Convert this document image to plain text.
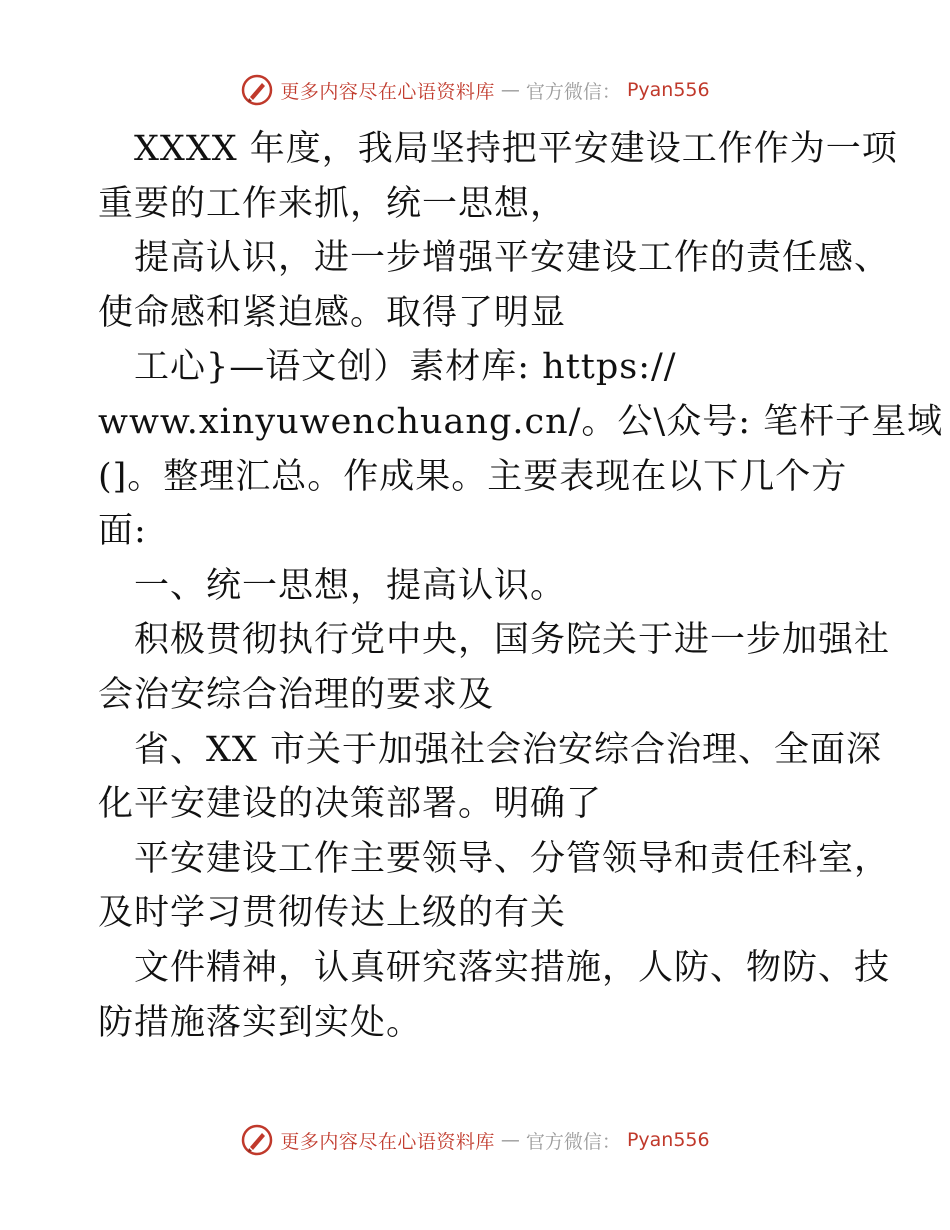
更多内容尽在心语资料库 — 官方微信： Pyan556
XXXX 年度，我局坚持把平安建设工作作为一项
重要的工作来抓，统一思想，
提高认识，进一步增强平安建设工作的责任感、
使命感和紧迫感。取得了明显
工心}—语文创）素材库: https://
www.xinyuwenchuang.cn/。公\众号: 笔杆子星域
(]。整理汇总。作成果。主要表现在以下几个方
面:
一、统一思想，提高认识。
积极贯彻执行党中央，国务院关于进一步加强社
会治安综合治理的要求及
省、XX 市关于加强社会治安综合治理、全面深
化平安建设的决策部署。明确了
平安建设工作主要领导、分管领导和责任科室，
及时学习贯彻传达上级的有关
文件精神，认真研究落实措施，人防、物防、技
防措施落实到实处。
更多内容尽在心语资料库 — 官方微信： Pyan556
